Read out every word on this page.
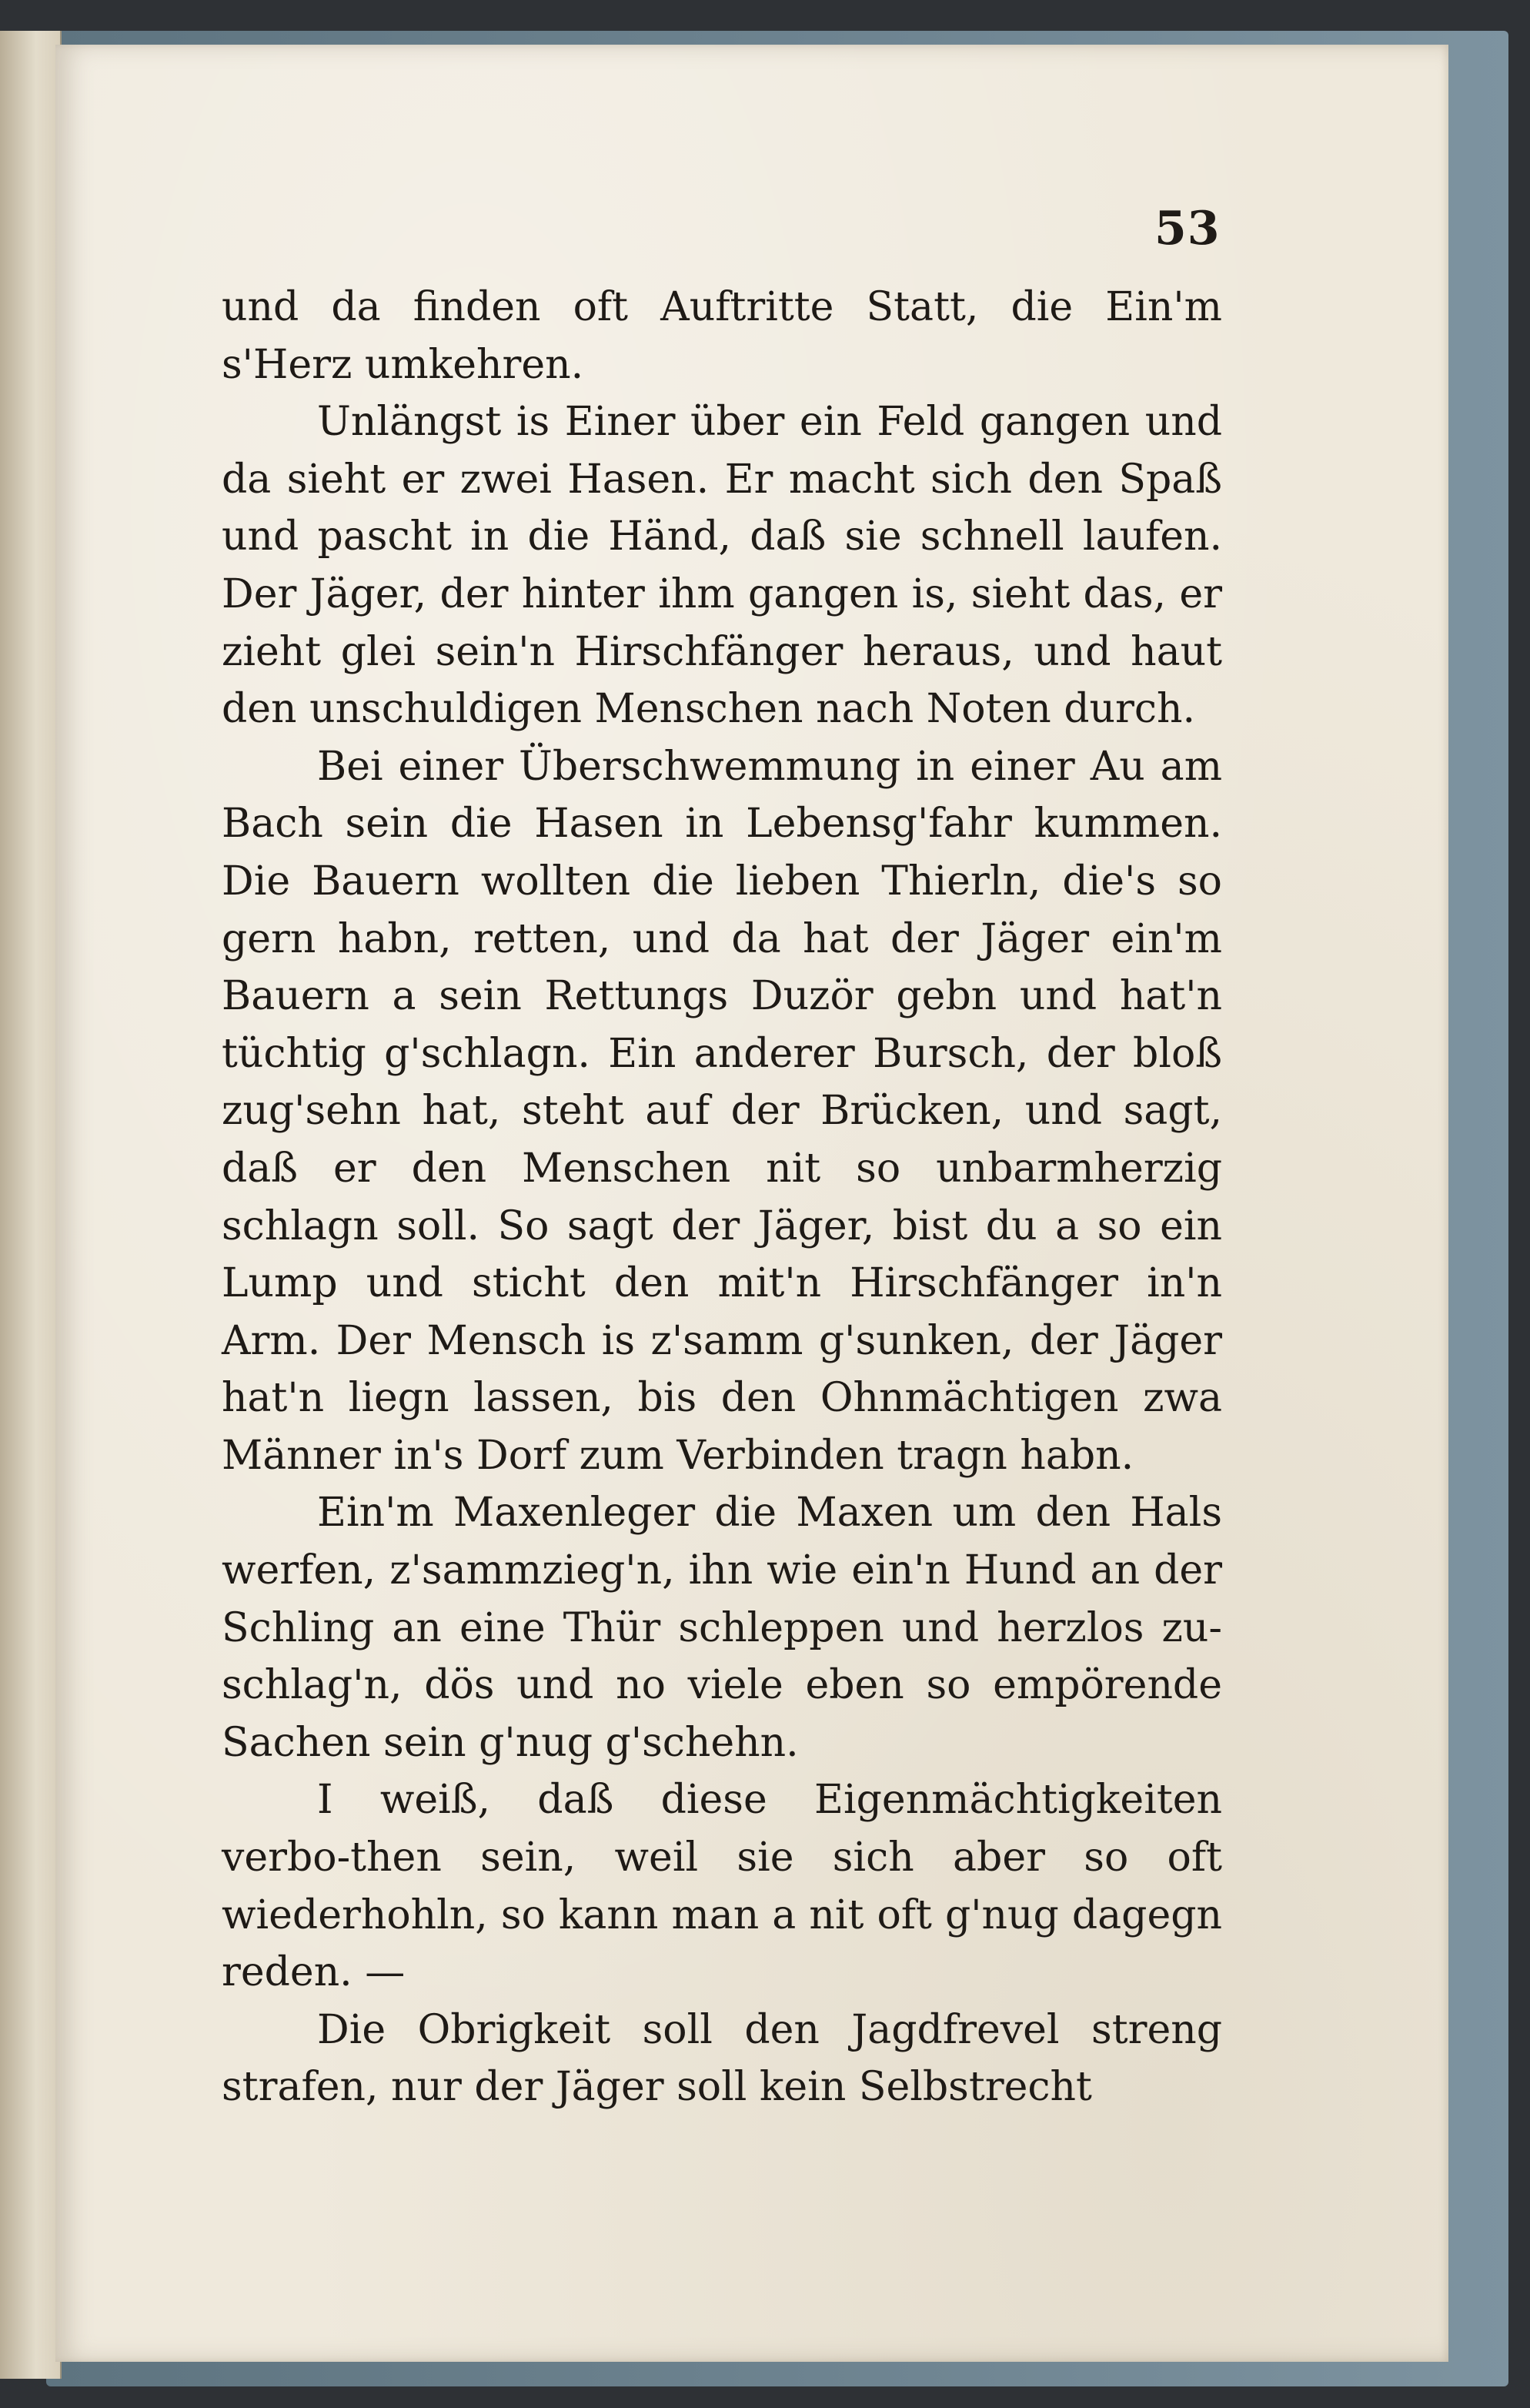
53

und da finden oft Auftritte Statt, die Ein'm s'Herz umkehren.

Unlängst is Einer über ein Feld gangen und da sieht er zwei Hasen. Er macht sich den Spaß und pascht in die Händ, daß sie schnell laufen. Der Jäger, der hinter ihm gangen is, sieht das, er zieht glei sein'n Hirschfänger heraus, und haut den unschuldigen Menschen nach Noten durch.

Bei einer Überschwemmung in einer Au am Bach sein die Hasen in Lebensg'fahr kummen. Die Bauern wollten die lieben Thierln, die's so gern habn, retten, und da hat der Jäger ein'm Bauern a sein Rettungs Duzör gebn und hat'n tüchtig g'schlagn. Ein anderer Bursch, der bloß zug'sehn hat, steht auf der Brücken, und sagt, daß er den Menschen nit so unbarmherzig schlagn soll. So sagt der Jäger, bist du a so ein Lump und sticht den mit'n Hirschfänger in'n Arm. Der Mensch is z'samm g'sunken, der Jäger hat'n liegn lassen, bis den Ohnmächtigen zwa Männer in's Dorf zum Verbinden tragn habn.

Ein'm Maxenleger die Maxen um den Hals werfen, z'sammzieg'n, ihn wie ein'n Hund an der Schling an eine Thür schleppen und herzlos zu-schlag'n, dös und no viele eben so empörende Sachen sein g'nug g'schehn.

I weiß, daß diese Eigenmächtigkeiten verbo-then sein, weil sie sich aber so oft wiederhohln, so kann man a nit oft g'nug dagegn reden. —

Die Obrigkeit soll den Jagdfrevel streng strafen, nur der Jäger soll kein Selbstrecht
